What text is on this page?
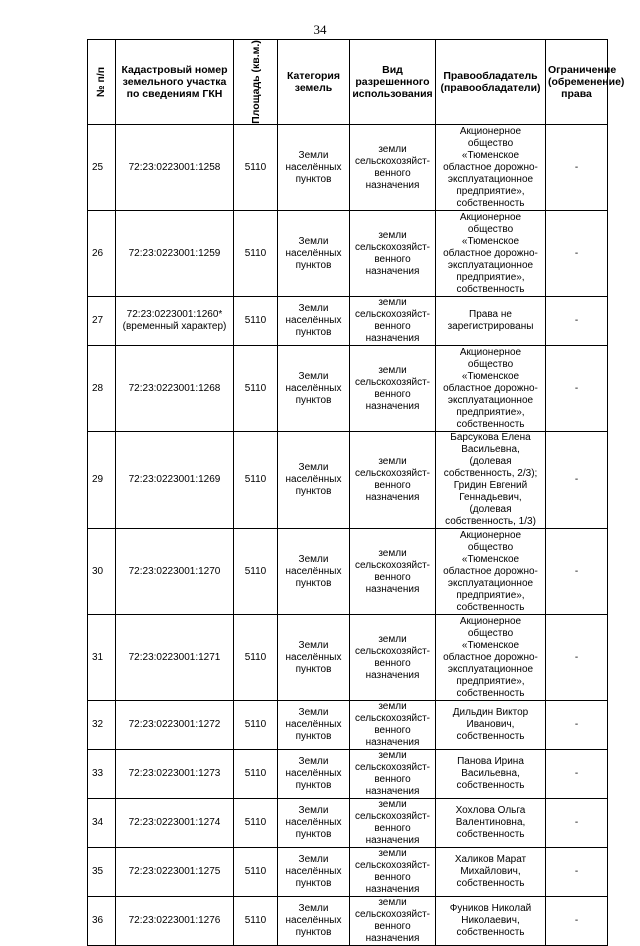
34
№ п/п	Кадастровый номер земельного участка по сведениям ГКН	Площадь (кв.м.)	Категория земель	Вид разрешенного использования	Правообладатель (правообладатели)	Ограничение (обременение) права
25	72:23:0223001:1258	5110	Земли населённых пунктов	земли сельскохозяйст-венного назначения	Акционерное общество «Тюменское областное дорожно-эксплуатационное предприятие», собственность	-
26	72:23:0223001:1259	5110	Земли населённых пунктов	земли сельскохозяйст-венного назначения	Акционерное общество «Тюменское областное дорожно-эксплуатационное предприятие», собственность	-
27	72:23:0223001:1260* (временный характер)	5110	Земли населённых пунктов	земли сельскохозяйст-венного назначения	Права не зарегистрированы	-
28	72:23:0223001:1268	5110	Земли населённых пунктов	земли сельскохозяйст-венного назначения	Акционерное общество «Тюменское областное дорожно-эксплуатационное предприятие», собственность	-
29	72:23:0223001:1269	5110	Земли населённых пунктов	земли сельскохозяйст-венного назначения	Барсукова Елена Васильевна, (долевая собственность, 2/3); Гридин Евгений Геннадьевич, (долевая собственность, 1/3)	-
30	72:23:0223001:1270	5110	Земли населённых пунктов	земли сельскохозяйст-венного назначения	Акционерное общество «Тюменское областное дорожно-эксплуатационное предприятие», собственность	-
31	72:23:0223001:1271	5110	Земли населённых пунктов	земли сельскохозяйст-венного назначения	Акционерное общество «Тюменское областное дорожно-эксплуатационное предприятие», собственность	-
32	72:23:0223001:1272	5110	Земли населённых пунктов	земли сельскохозяйст-венного назначения	Дильдин Виктор Иванович, собственность	-
33	72:23:0223001:1273	5110	Земли населённых пунктов	земли сельскохозяйст-венного назначения	Панова Ирина Васильевна, собственность	-
34	72:23:0223001:1274	5110	Земли населённых пунктов	земли сельскохозяйст-венного назначения	Хохлова Ольга Валентиновна, собственность	-
35	72:23:0223001:1275	5110	Земли населённых пунктов	земли сельскохозяйст-венного назначения	Халиков Марат Михайлович, собственность	-
36	72:23:0223001:1276	5110	Земли населённых пунктов	земли сельскохозяйст-венного назначения	Фуников Николай Николаевич, собственность	-
